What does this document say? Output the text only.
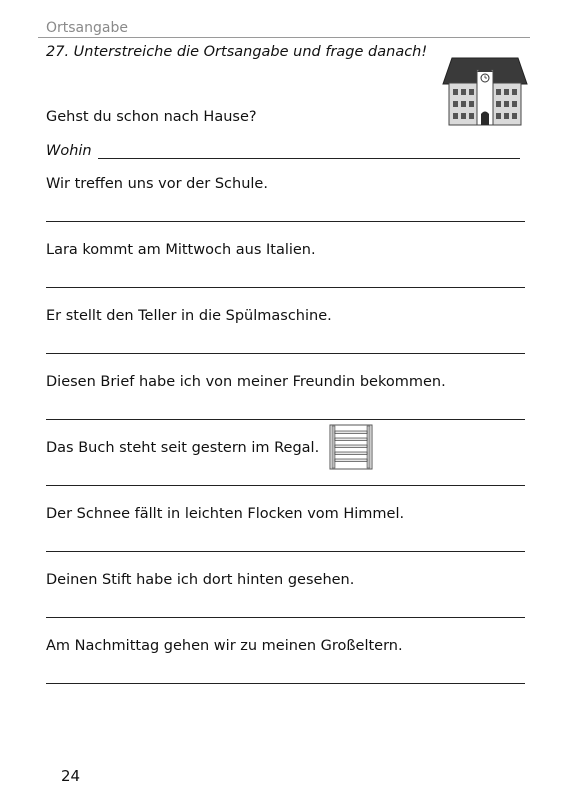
Ortsangabe
27. Unterstreiche die Ortsangabe und frage danach!
Gehst du schon nach Hause?
Wohin
Wir treffen uns vor der Schule.
Lara kommt am Mittwoch aus Italien.
Er stellt den Teller in die Spülmaschine.
Diesen Brief habe ich von meiner Freundin bekommen.
Das Buch steht seit gestern im Regal.
Der Schnee fällt in leichten Flocken vom Himmel.
Deinen Stift habe ich dort hinten gesehen.
Am Nachmittag gehen wir zu meinen Großeltern.
24
